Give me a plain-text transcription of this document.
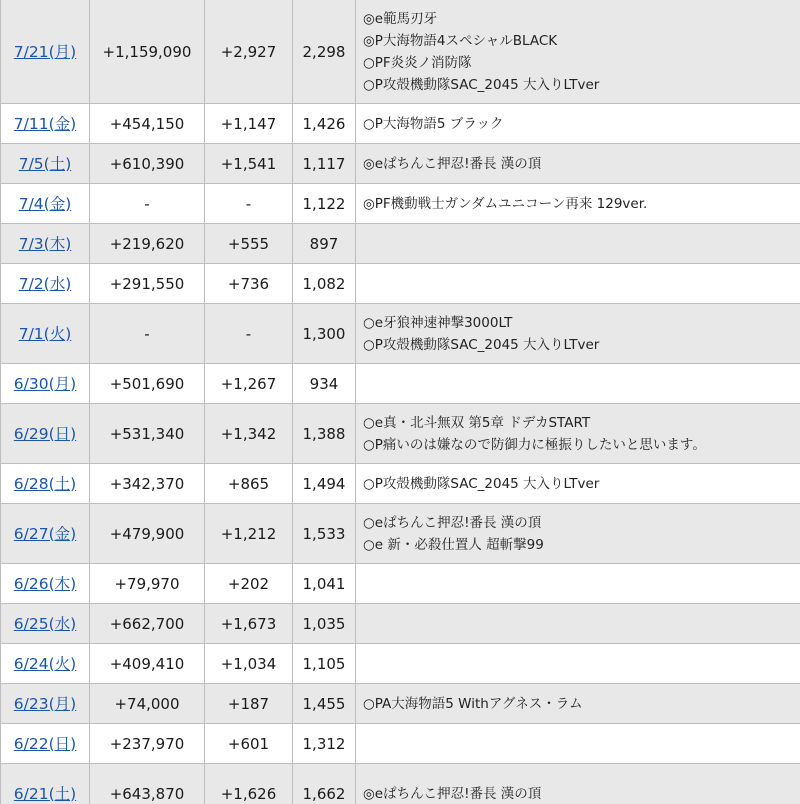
7/21(月)	+1,159,090	+2,927	2,298	◎e範馬刃牙
◎P大海物語4スペシャルBLACK
○PF炎炎ノ消防隊
○P攻殻機動隊SAC_2045 大入りLTver

7/11(金)	+454,150	+1,147	1,426	○P大海物語5 ブラック

7/5(土)	+610,390	+1,541	1,117	◎eぱちんこ押忍!番長 漢の頂

7/4(金)	-	-	1,122	◎PF機動戦士ガンダムユニコーン再来 129ver.

7/3(木)	+219,620	+555	897	
7/2(水)	+291,550	+736	1,082	
7/1(火)	-	-	1,300	○e牙狼神速神撃3000LT
○P攻殻機動隊SAC_2045 大入りLTver

6/30(月)	+501,690	+1,267	934	
6/29(日)	+531,340	+1,342	1,388	○e真・北斗無双 第5章 ドデカSTART
○P痛いのは嫌なので防御力に極振りしたいと思います。

6/28(土)	+342,370	+865	1,494	○P攻殻機動隊SAC_2045 大入りLTver

6/27(金)	+479,900	+1,212	1,533	○eぱちんこ押忍!番長 漢の頂
○e 新・必殺仕置人 超斬撃99

6/26(木)	+79,970	+202	1,041	
6/25(水)	+662,700	+1,673	1,035	
6/24(火)	+409,410	+1,034	1,105	
6/23(月)	+74,000	+187	1,455	○PA大海物語5 Withアグネス・ラム

6/22(日)	+237,970	+601	1,312	
6/21(土)	+643,870	+1,626	1,662	◎eぱちんこ押忍!番長 漢の頂
